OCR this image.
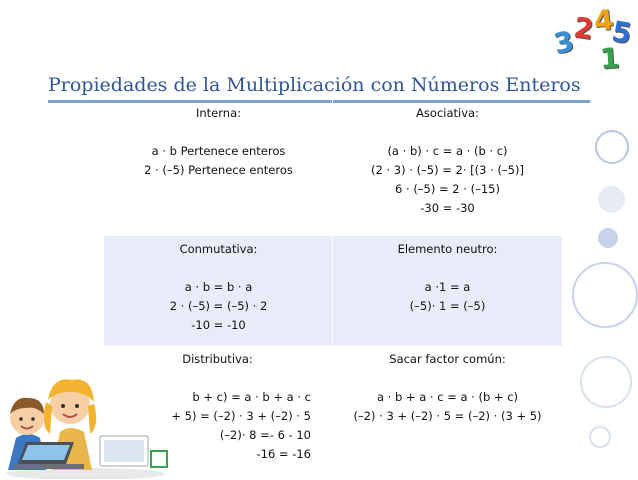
Propiedades de la Multiplicación con Números Enteros
Interna:
a · b Pertenece enteros
2 · (–5) Pertenece enteros
Asociativa:
(a · b) · c = a · (b · c)
(2 · 3) · (–5) = 2· [(3 · (–5)]
6 · (–5) = 2 · (–15)
-30 = -30
Conmutativa:
a · b = b · a
2 · (–5) = (–5) · 2
-10 = -10
Elemento neutro:
a ·1 = a
(–5)· 1 = (–5)
Distributiva:
b + c) = a · b + a · c
+ 5) = (–2) · 3 + (–2) · 5
(–2)· 8 =- 6 - 10
-16 = -16
Sacar factor común:
a · b + a · c = a · (b + c)
(–2) · 3 + (–2) · 5 = (–2) · (3 + 5)
3
2
4
5
1
